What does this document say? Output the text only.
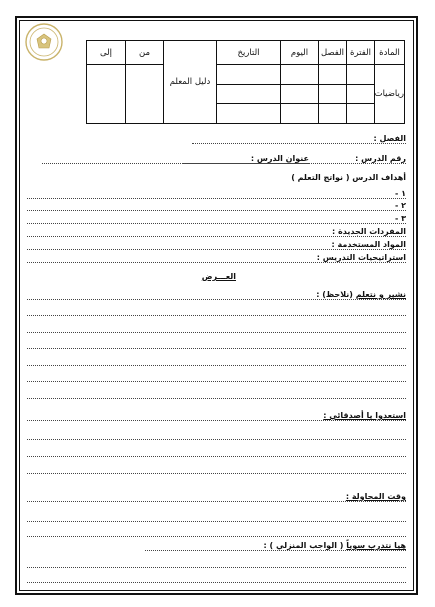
المادة	الفترة	الفصل	اليوم	التاريخ	دليل المعلم	من	إلى
رياضيات							

الفصل :
رقم الدرس :
عنوان الدرس :
أهداف الدرس ( نواتج التعلم )
١ -
٢ -
٣ -
المفردات الجديدة :
المواد المستخدمة :
استراتيجيات التدريس :
العـــرض
نشير و نتعلم (نلاحظ) :
استعدوا يا أصدقائي :
وقت المحاولة :
هيا نتدرب سوياً ( الواجب المنزلي ) :
